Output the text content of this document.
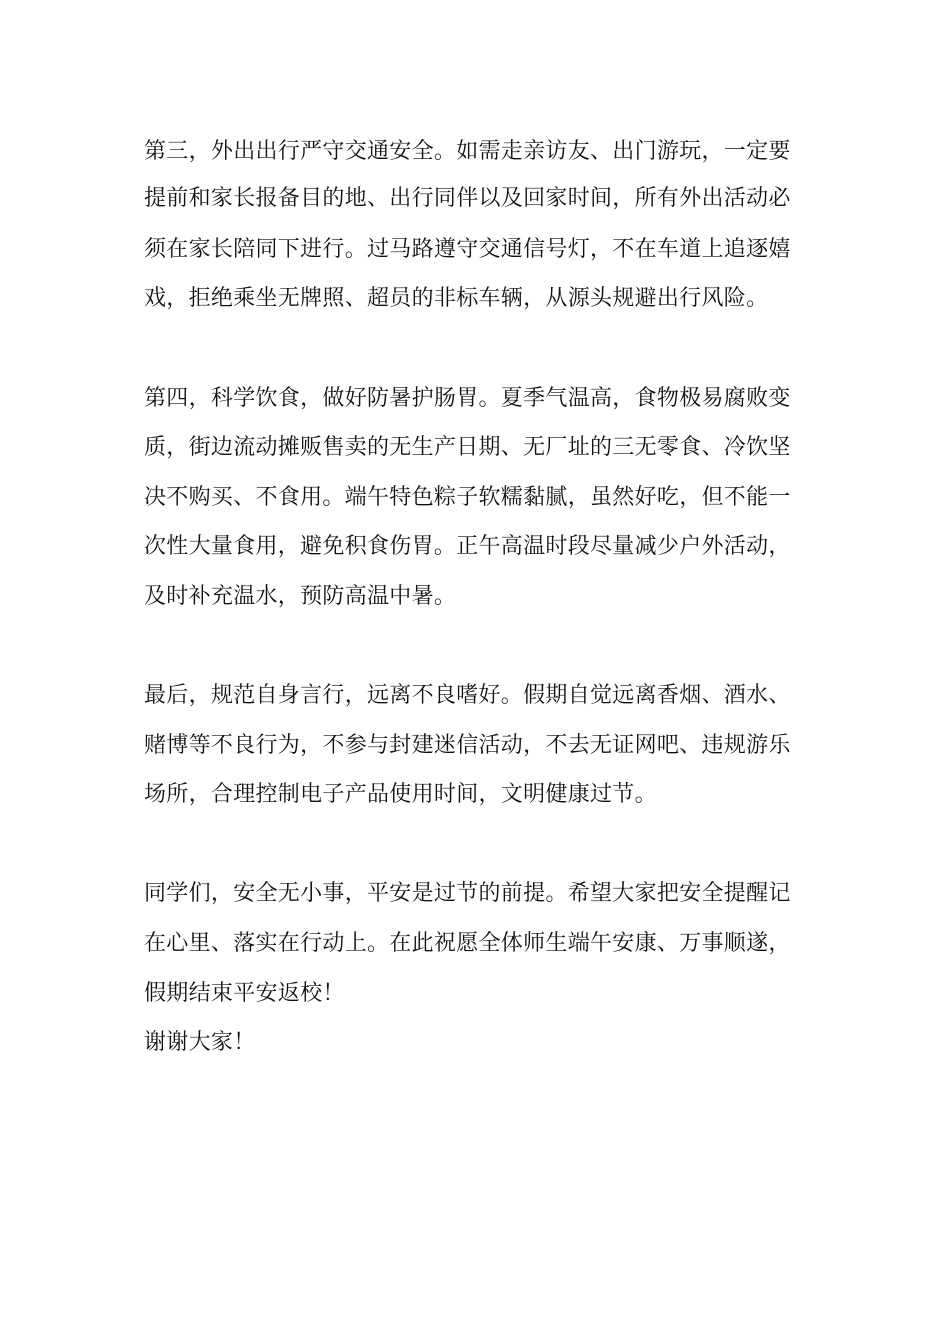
第三，外出出行严守交通安全。如需走亲访友、出门游玩，一定要
提前和家长报备目的地、出行同伴以及回家时间，所有外出活动必
须在家长陪同下进行。过马路遵守交通信号灯，不在车道上追逐嬉
戏，拒绝乘坐无牌照、超员的非标车辆，从源头规避出行风险。
第四，科学饮食，做好防暑护肠胃。夏季气温高，食物极易腐败变
质，街边流动摊贩售卖的无生产日期、无厂址的三无零食、冷饮坚
决不购买、不食用。端午特色粽子软糯黏腻，虽然好吃，但不能一
次性大量食用，避免积食伤胃。正午高温时段尽量减少户外活动，
及时补充温水，预防高温中暑。
最后，规范自身言行，远离不良嗜好。假期自觉远离香烟、酒水、
赌博等不良行为，不参与封建迷信活动，不去无证网吧、违规游乐
场所，合理控制电子产品使用时间，文明健康过节。
同学们，安全无小事，平安是过节的前提。希望大家把安全提醒记
在心里、落实在行动上。在此祝愿全体师生端午安康、万事顺遂，
假期结束平安返校！
谢谢大家！
